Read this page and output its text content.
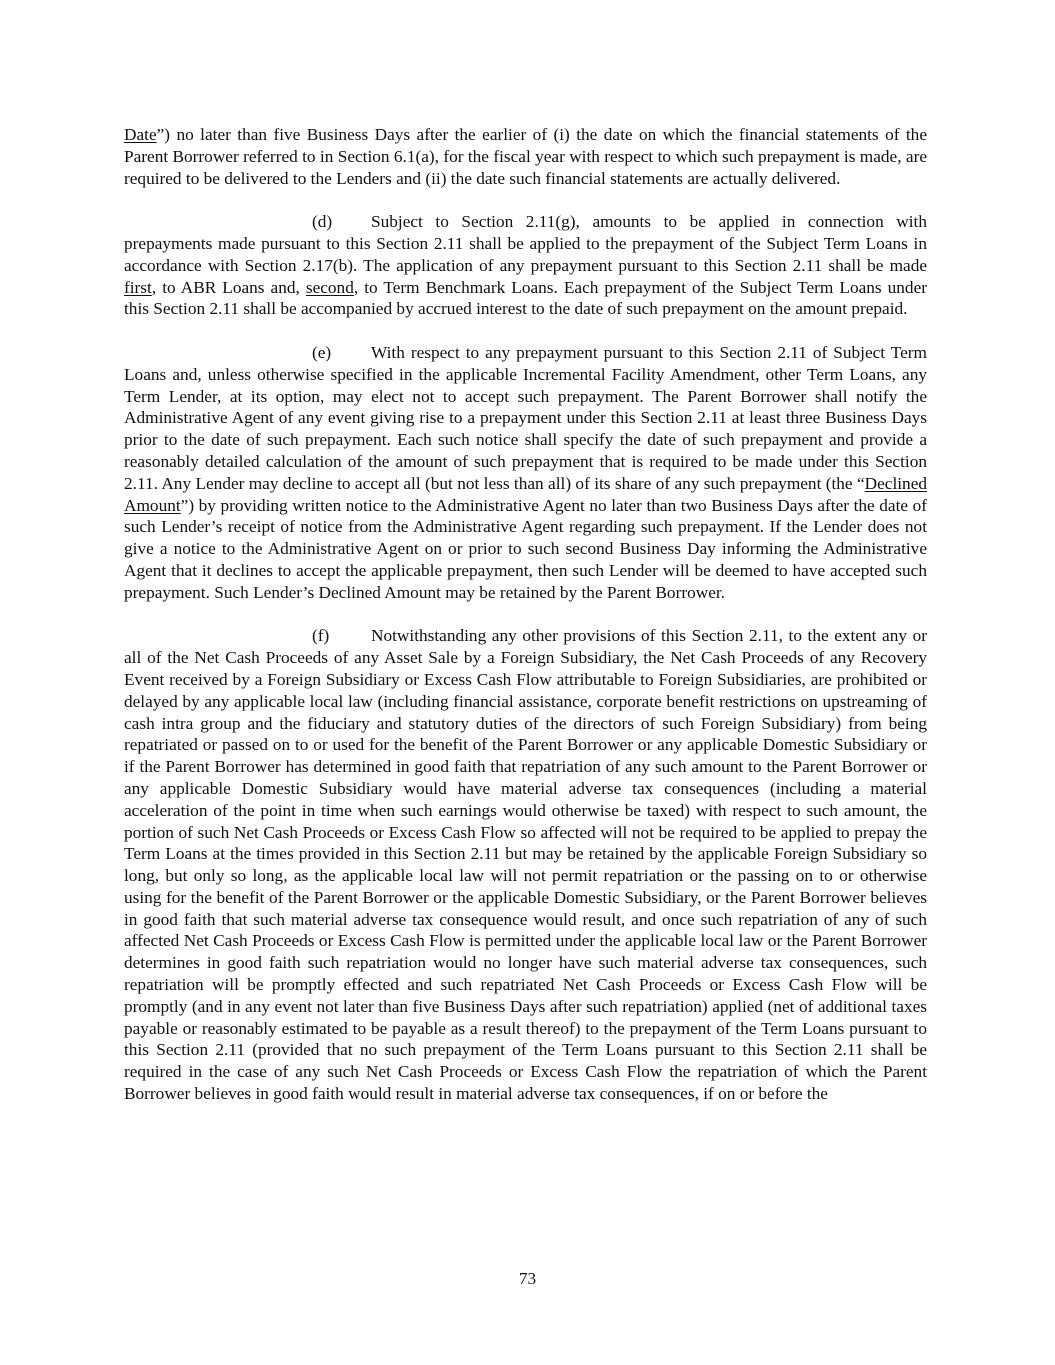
Date”) no later than five Business Days after the earlier of (i) the date on which the financial statements of the Parent Borrower referred to in Section 6.1(a), for the fiscal year with respect to which such prepayment is made, are required to be delivered to the Lenders and (ii) the date such financial statements are actually delivered.

(d) Subject to Section 2.11(g), amounts to be applied in connection with prepayments made pursuant to this Section 2.11 shall be applied to the prepayment of the Subject Term Loans in accordance with Section 2.17(b). The application of any prepayment pursuant to this Section 2.11 shall be made first, to ABR Loans and, second, to Term Benchmark Loans. Each prepayment of the Subject Term Loans under this Section 2.11 shall be accompanied by accrued interest to the date of such prepayment on the amount prepaid.

(e) With respect to any prepayment pursuant to this Section 2.11 of Subject Term Loans and, unless otherwise specified in the applicable Incremental Facility Amendment, other Term Loans, any Term Lender, at its option, may elect not to accept such prepayment. The Parent Borrower shall notify the Administrative Agent of any event giving rise to a prepayment under this Section 2.11 at least three Business Days prior to the date of such prepayment. Each such notice shall specify the date of such prepayment and provide a reasonably detailed calculation of the amount of such prepayment that is required to be made under this Section 2.11. Any Lender may decline to accept all (but not less than all) of its share of any such prepayment (the “Declined Amount”) by providing written notice to the Administrative Agent no later than two Business Days after the date of such Lender’s receipt of notice from the Administrative Agent regarding such prepayment. If the Lender does not give a notice to the Administrative Agent on or prior to such second Business Day informing the Administrative Agent that it declines to accept the applicable prepayment, then such Lender will be deemed to have accepted such prepayment. Such Lender’s Declined Amount may be retained by the Parent Borrower.

(f) Notwithstanding any other provisions of this Section 2.11, to the extent any or all of the Net Cash Proceeds of any Asset Sale by a Foreign Subsidiary, the Net Cash Proceeds of any Recovery Event received by a Foreign Subsidiary or Excess Cash Flow attributable to Foreign Subsidiaries, are prohibited or delayed by any applicable local law (including financial assistance, corporate benefit restrictions on upstreaming of cash intra group and the fiduciary and statutory duties of the directors of such Foreign Subsidiary) from being repatriated or passed on to or used for the benefit of the Parent Borrower or any applicable Domestic Subsidiary or if the Parent Borrower has determined in good faith that repatriation of any such amount to the Parent Borrower or any applicable Domestic Subsidiary would have material adverse tax consequences (including a material acceleration of the point in time when such earnings would otherwise be taxed) with respect to such amount, the portion of such Net Cash Proceeds or Excess Cash Flow so affected will not be required to be applied to prepay the Term Loans at the times provided in this Section 2.11 but may be retained by the applicable Foreign Subsidiary so long, but only so long, as the applicable local law will not permit repatriation or the passing on to or otherwise using for the benefit of the Parent Borrower or the applicable Domestic Subsidiary, or the Parent Borrower believes in good faith that such material adverse tax consequence would result, and once such repatriation of any of such affected Net Cash Proceeds or Excess Cash Flow is permitted under the applicable local law or the Parent Borrower determines in good faith such repatriation would no longer have such material adverse tax consequences, such repatriation will be promptly effected and such repatriated Net Cash Proceeds or Excess Cash Flow will be promptly (and in any event not later than five Business Days after such repatriation) applied (net of additional taxes payable or reasonably estimated to be payable as a result thereof) to the prepayment of the Term Loans pursuant to this Section 2.11 (provided that no such prepayment of the Term Loans pursuant to this Section 2.11 shall be required in the case of any such Net Cash Proceeds or Excess Cash Flow the repatriation of which the Parent Borrower believes in good faith would result in material adverse tax consequences, if on or before the

73
